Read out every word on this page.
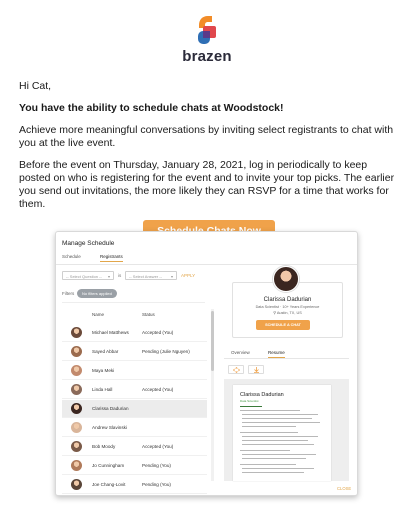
brazen

Hi Cat,

You have the ability to schedule chats at Woodstock!

Achieve more meaningful conversations by inviting select registrants to chat with you at the live event.

Before the event on Thursday, January 28, 2021, log in periodically to keep posted on who is registering for the event and to invite your top picks. The earlier you send out invitations, the more likely they can RSVP for a time that works for them.

Manage Schedule
Schedule	Registrants
-- Select Question -- ▾ is	-- Select Answer -- ▾ APPLY
Filters	No filters applied
Name	Status
Michael Matthews	Accepted (You)
Sayed Abbar	Pending (Julie Nguyen)
Maya Meki
Linda Hall	Accepted (You)
Clarissa Dadurian
Andrew Slavinski
Bob Moody	Accepted (You)
Jo Cunningham	Pending (You)
Joe Chang-Lovit	Pending (You)
Clarissa Dadurian
Data Scientist · 10+ Years Experience
⚲ Austin, TX, US
SCHEDULE A CHAT
Overview	Resume
Clarissa Dadurian
Data Scientist
CLOSE
